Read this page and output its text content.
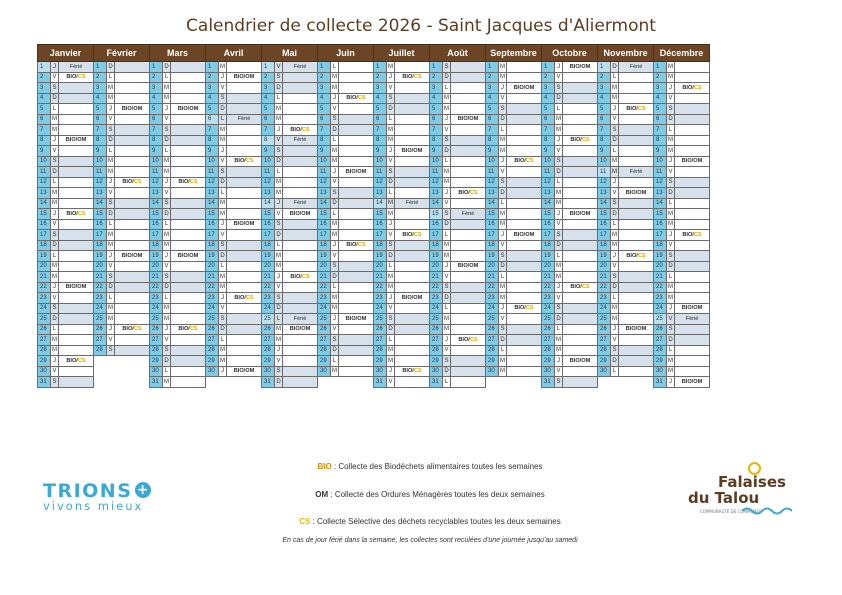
Calendrier de collecte 2026 - Saint Jacques d'Aliermont
Janvier			Février			Mars			Avril			Mai			Juin			Juillet			Août			Septembre			Octobre			Novembre			Décembre		
1	J	Férié	1	D		1	D		1	M		1	V	Férié	1	L		1	M		1	S		1	M		1	J	BIO/OM	1	D	Férié	1	M	
2	V	BIO/CS	2	L		2	L		2	J	BIO/OM	2	S		2	M		2	J	BIO/CS	2	D		2	M		2	V		2	L		2	M	
3	S		3	M		3	M		3	V		3	D		3	M		3	V		3	L		3	J	BIO/OM	3	S		3	M		3	J	BIO/CS
4	D		4	M		4	M		4	S		4	L		4	J	BIO/CS	4	S		4	M		4	V		4	D		4	M		4	V	
5	L		5	J	BIO/OM	5	J	BIO/OM	5	D		5	M		5	V		5	D		5	M		5	S		5	L		5	J	BIO/CS	5	S	
6	M		6	V		6	V		6	L	Férié	6	M		6	S		6	L		6	J	BIO/OM	6	D		6	M		6	V		6	D	
7	M		7	S		7	S		7	M		7	J	BIO/CS	7	D		7	M		7	V		7	L		7	M		7	S		7	L	
8	J	BIO/OM	8	D		8	D		8	M		8	V	Férié	8	L		8	M		8	S		8	M		8	J	BIO/CS	8	D		8	M	
9	V		9	L		9	L		9	J		9	S		9	M		9	J	BIO/OM	9	D		9	M		9	V		9	L		9	M	
10	S		10	M		10	M		10	V	BIO/CS	10	D		10	M		10	V		10	L		10	J	BIO/CS	10	S		10	M		10	J	BIO/OM
11	D		11	M		11	M		11	S		11	L		11	J	BIO/OM	11	S		11	M		11	V		11	D		11	M	Férié	11	V	
12	L		12	J	BIO/CS	12	J	BIO/CS	12	D		12	M		12	V		12	D		12	M		12	S		12	L		12	J		12	S	
13	M		13	V		13	V		13	L		13	M		13	S		13	L		13	J	BIO/CS	13	D		13	M		13	V	BIO/OM	13	D	
14	M		14	S		14	S		14	M		14	J	Férié	14	D		14	M	Férié	14	V		14	L		14	M		14	S		14	L	
15	J	BIO/CS	15	D		15	D		15	M		15	V	BIO/OM	15	L		15	M		15	S	Férié	15	M		15	J	BIO/OM	15	D		15	M	
16	V		16	L		16	L		16	J	BIO/OM	16	S		16	M		16	J		16	D		16	M		16	V		16	L		16	M	
17	S		17	M		17	M		17	V		17	D		17	M		17	V	BIO/CS	17	L		17	J	BIO/OM	17	S		17	M		17	J	BIO/CS
18	D		18	M		18	M		18	S		18	L		18	J	BIO/CS	18	S		18	M		18	V		18	D		18	M		18	V	
19	L		19	J	BIO/OM	19	J	BIO/OM	19	D		19	M		19	V		19	D		19	M		19	S		19	L		19	J	BIO/CS	19	S	
20	M		20	V		20	V		20	L		20	M		20	S		20	L		20	J	BIO/OM	20	D		20	M		20	V		20	D	
21	M		21	S		21	S		21	M		21	J	BIO/CS	21	D		21	M		21	V		21	L		21	M		21	S		21	L	
22	J	BIO/OM	22	D		22	D		22	M		22	V		22	L		22	M		22	S		22	M		22	J	BIO/CS	22	D		22	M	
23	V		23	L		23	L		23	J	BIO/CS	23	S		23	M		23	J	BIO/OM	23	D		23	M		23	V		23	L		23	M	
24	S		24	M		24	M		24	V		24	D		24	M		24	V		24	L		24	J	BIO/CS	24	S		24	M		24	J	BIO/OM
25	D		25	M		25	M		25	S		25	L	Férié	25	J	BIO/OM	25	S		25	M		25	V		25	D		25	M		25	V	Férié
26	L		26	J	BIO/CS	26	J	BIO/CS	26	D		26	M	BIO/OM	26	V		26	D		26	M		26	S		26	L		26	J	BIO/OM	26	S	
27	M		27	V		27	V		27	L		27	M		27	S		27	L		27	J	BIO/CS	27	D		27	M		27	V		27	D	
28	M		28	S		28	S		28	M		28	J		28	D		28	M		28	V		28	L		28	M		28	S		28	L	
29	J	BIO/CS				29	D		29	M		29	V		29	L		29	M		29	S		29	M		29	J	BIO/OM	29	D		29	M	
30	V					30	L		30	J	BIO/OM	30	S		30	M		30	J	BIO/CS	30	D		30	M		30	V		30	L		30	M	
31	S					31	M					31	D					31	V		31	L					31	S					31	J	BIO/OM
BIO : Collecte des Biodéchets alimentaires toutes les semaines
OM : Collecte des Ordures Ménagères toutes les deux semaines
CS : Collecte Sélective des déchets recyclables toutes les deux semaines
En cas de jour férié dans la semaine, les collectes sont reculées d'une journée jusqu'au samedi
TRIONS +
vivons mieux
Falaises
du Talou
COMMUNAUTÉ DE COMMUNES
